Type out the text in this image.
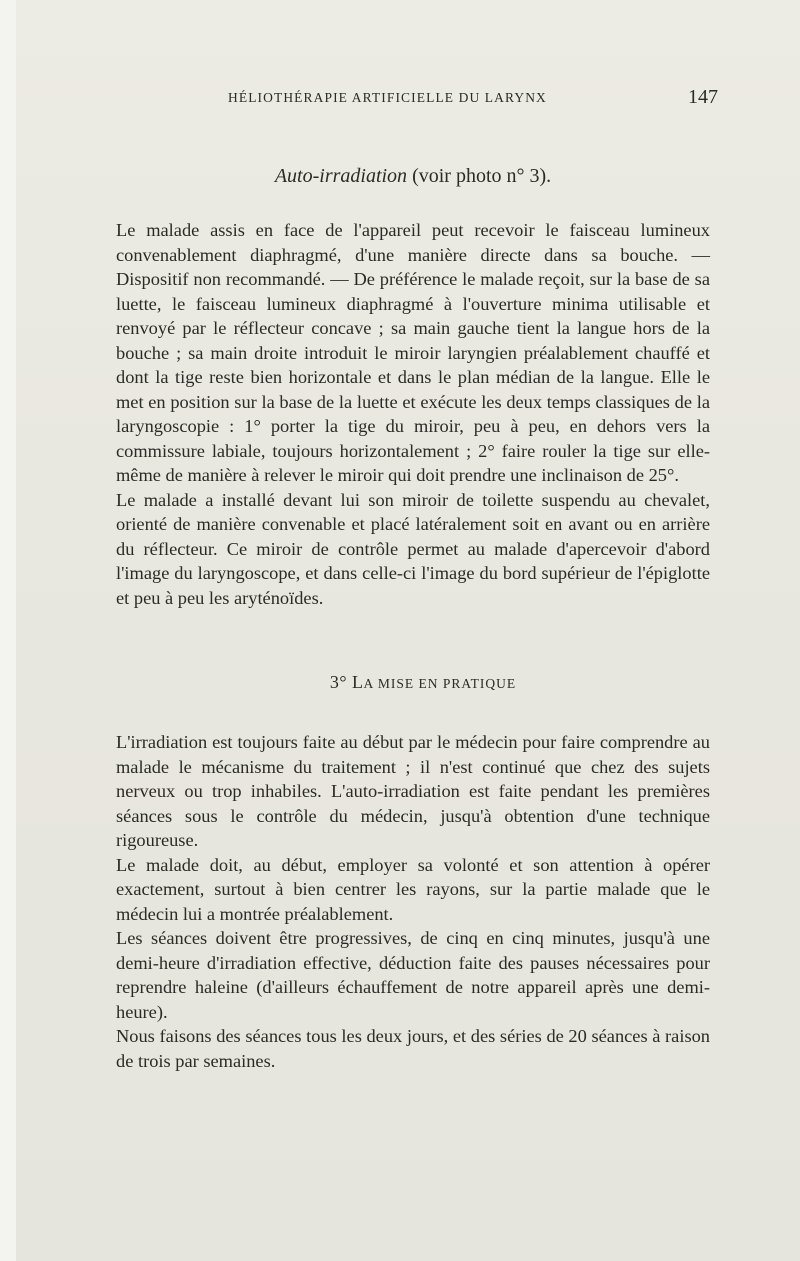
HÉLIOTHÉRAPIE ARTIFICIELLE DU LARYNX	147
Auto-irradiation (voir photo n° 3).

Le malade assis en face de l'appareil peut recevoir le faisceau lumineux convenablement diaphragmé, d'une manière directe dans sa bouche. — Dispositif non recommandé. — De préférence le malade reçoit, sur la base de sa luette, le faisceau lumineux diaphragmé à l'ouverture minima utilisable et renvoyé par le réflecteur concave ; sa main gauche tient la langue hors de la bouche ; sa main droite introduit le miroir laryngien préalablement chauffé et dont la tige reste bien horizontale et dans le plan médian de la langue. Elle le met en position sur la base de la luette et exécute les deux temps classiques de la laryngoscopie : 1° porter la tige du miroir, peu à peu, en dehors vers la commissure labiale, toujours horizontalement ; 2° faire rouler la tige sur elle-même de manière à relever le miroir qui doit prendre une inclinaison de 25°.

Le malade a installé devant lui son miroir de toilette suspendu au chevalet, orienté de manière convenable et placé latéralement soit en avant ou en arrière du réflecteur. Ce miroir de contrôle permet au malade d'apercevoir d'abord l'image du laryngoscope, et dans celle-ci l'image du bord supérieur de l'épiglotte et peu à peu les aryténoïdes.

3° LA MISE EN PRATIQUE

L'irradiation est toujours faite au début par le médecin pour faire comprendre au malade le mécanisme du traitement ; il n'est continué que chez des sujets nerveux ou trop inhabiles. L'auto-irradiation est faite pendant les premières séances sous le contrôle du médecin, jusqu'à obtention d'une technique rigoureuse.

Le malade doit, au début, employer sa volonté et son attention à opérer exactement, surtout à bien centrer les rayons, sur la partie malade que le médecin lui a montrée préalablement.

Les séances doivent être progressives, de cinq en cinq minutes, jusqu'à une demi-heure d'irradiation effective, déduction faite des pauses nécessaires pour reprendre haleine (d'ailleurs échauffement de notre appareil après une demi-heure).

Nous faisons des séances tous les deux jours, et des séries de 20 séances à raison de trois par semaines.
